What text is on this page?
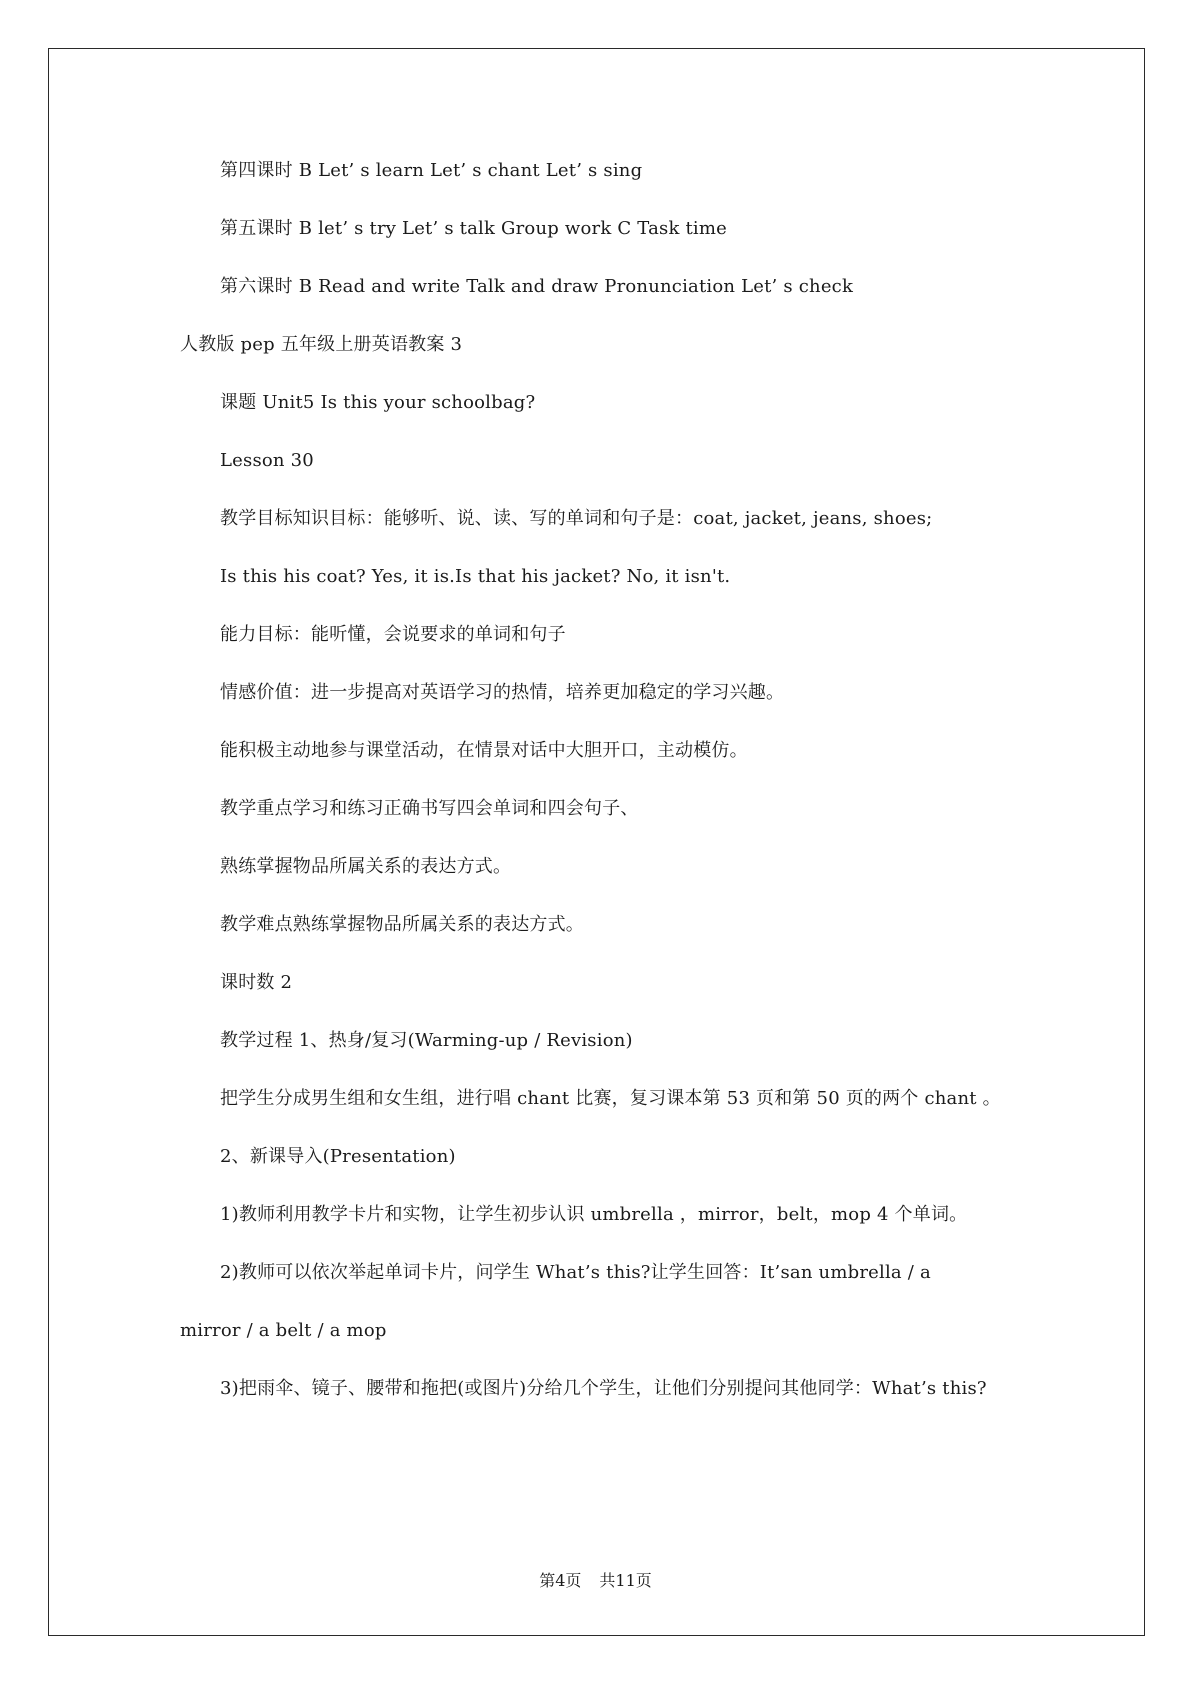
第四课时 B Let’ s learn Let’ s chant Let’ s sing
第五课时 B let’ s try Let’ s talk Group work C Task time
第六课时 B Read and write Talk and draw Pronunciation Let’ s check
人教版 pep 五年级上册英语教案 3
课题 Unit5 Is this your schoolbag?
Lesson 30
教学目标知识目标：能够听、说、读、写的单词和句子是：coat, jacket, jeans, shoes;
Is this his coat? Yes, it is.Is that his jacket? No, it isn't.
能力目标：能听懂，会说要求的单词和句子
情感价值：进一步提高对英语学习的热情，培养更加稳定的学习兴趣。
能积极主动地参与课堂活动，在情景对话中大胆开口，主动模仿。
教学重点学习和练习正确书写四会单词和四会句子、
熟练掌握物品所属关系的表达方式。
教学难点熟练掌握物品所属关系的表达方式。
课时数 2
教学过程 1、热身/复习(Warming-up / Revision)
把学生分成男生组和女生组，进行唱 chant 比赛，复习课本第 53 页和第 50 页的两个 chant 。
2、新课导入(Presentation)
1)教师利用教学卡片和实物，让学生初步认识 umbrella ，mirror，belt，mop 4 个单词。
2)教师可以依次举起单词卡片，问学生 What’s this?让学生回答：It’san umbrella / a
mirror / a belt / a mop
3)把雨伞、镜子、腰带和拖把(或图片)分给几个学生，让他们分别提问其他同学：What’s this?
第4页 共11页
